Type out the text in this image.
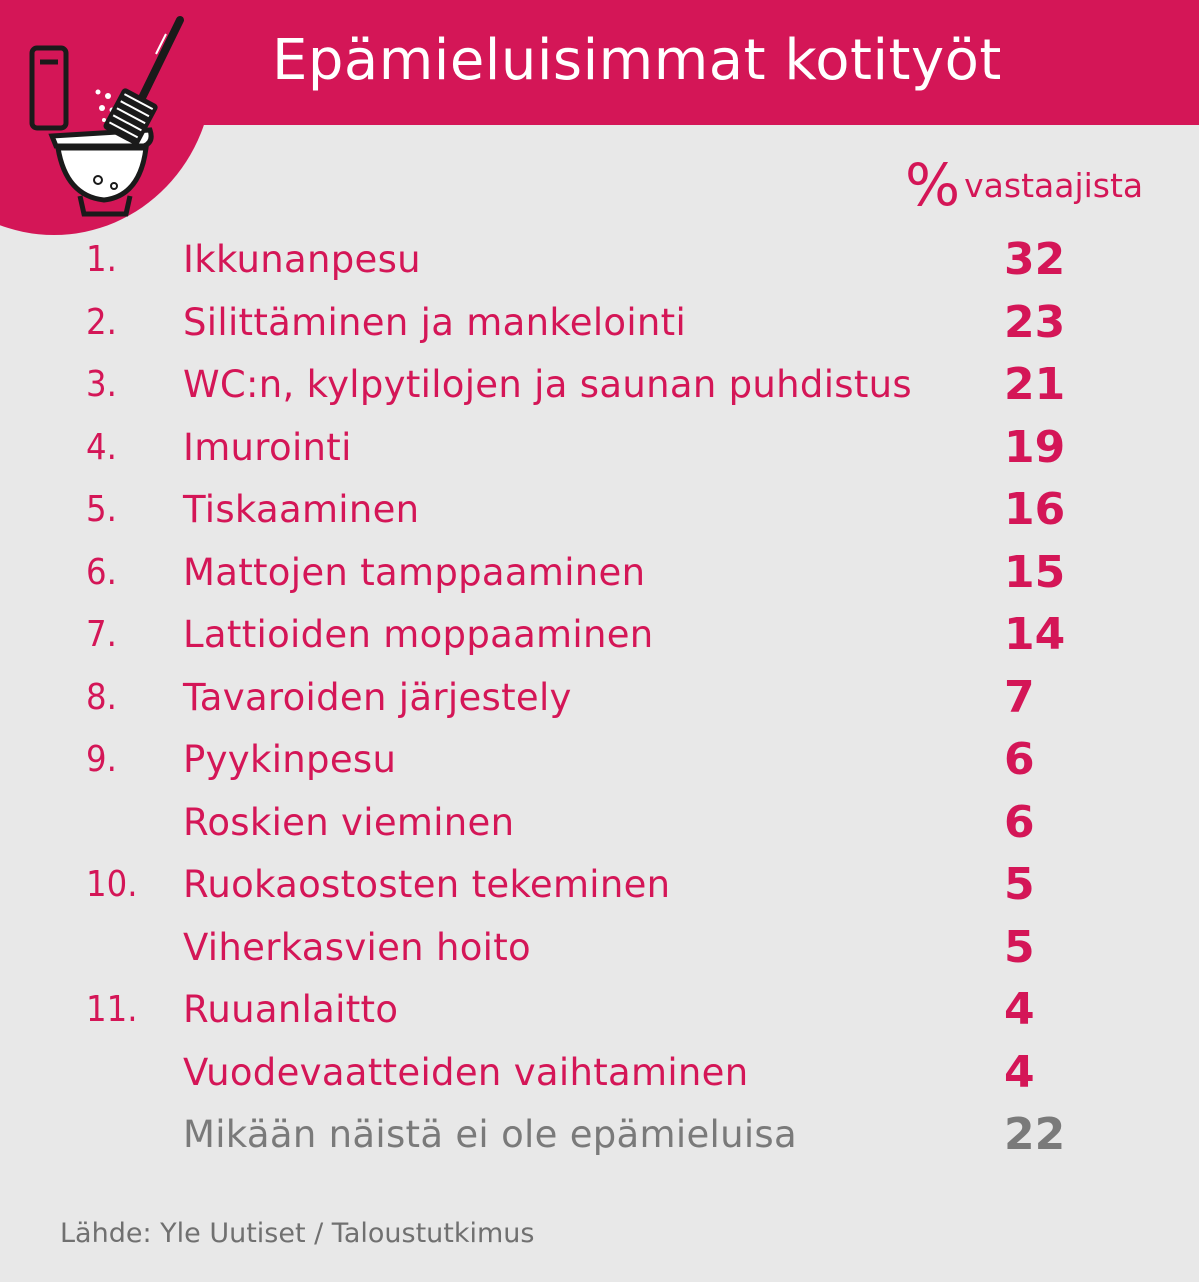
Epämieluisimmat kotityöt
% vastaajista
1. Ikkunanpesu	32
2. Silittäminen ja mankelointi	23
3. WC:n, kylpytilojen ja saunan puhdistus 21
4. Imurointi	19
5. Tiskaaminen	16
6. Mattojen tamppaaminen	15
7. Lattioiden moppaaminen	14
8. Tavaroiden järjestely	7
9. Pyykinpesu	6
Roskien vieminen	6
10. Ruokaostosten tekeminen	5
Viherkasvien hoito	5
11. Ruuanlaitto	4
Vuodevaatteiden vaihtaminen	4
Mikään näistä ei ole epämieluisa	22
Lähde: Yle Uutiset / Taloustutkimus
